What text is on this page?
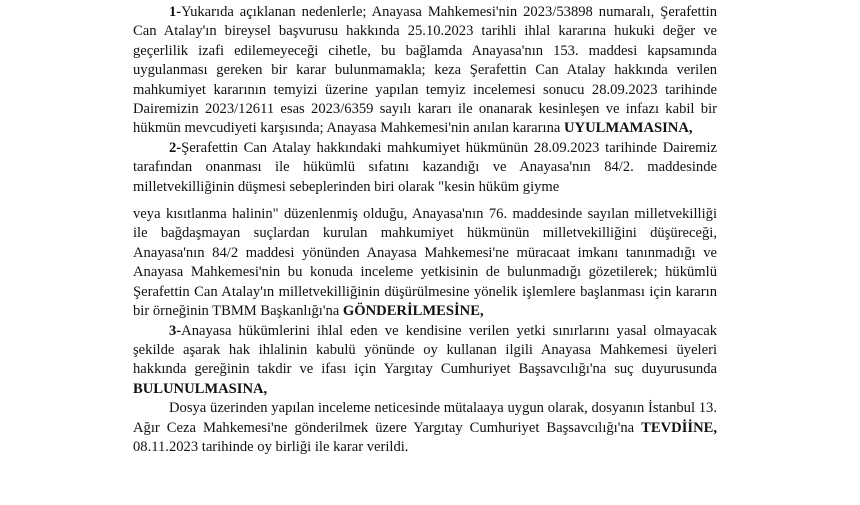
1-Yukarıda açıklanan nedenlerle; Anayasa Mahkemesi'nin 2023/53898 numaralı, Şerafettin Can Atalay'ın bireysel başvurusu hakkında 25.10.2023 tarihli ihlal kararına hukuki değer ve geçerlilik izafi edilemeyeceği cihetle, bu bağlamda Anayasa'nın 153. maddesi kapsamında uygulanması gereken bir karar bulunmamakla; keza Şerafettin Can Atalay hakkında verilen mahkumiyet kararının temyizi üzerine yapılan temyiz incelemesi sonucu 28.09.2023 tarihinde Dairemizin 2023/12611 esas 2023/6359 sayılı kararı ile onanarak kesinleşen ve infazı kabil bir hükmün mevcudiyeti karşısında; Anayasa Mahkemesi'nin anılan kararına UYULMAMASINA,

2-Şerafettin Can Atalay hakkındaki mahkumiyet hükmünün 28.09.2023 tarihinde Dairemiz tarafından onanması ile hükümlü sıfatını kazandığı ve Anayasa'nın 84/2. maddesinde milletvekilliğinin düşmesi sebeplerinden biri olarak "kesin hüküm giyme

veya kısıtlanma halinin" düzenlenmiş olduğu, Anayasa'nın 76. maddesinde sayılan milletvekilliği ile bağdaşmayan suçlardan kurulan mahkumiyet hükmünün milletvekilliğini düşüreceği, Anayasa'nın 84/2 maddesi yönünden Anayasa Mahkemesi'ne müracaat imkanı tanınmadığı ve Anayasa Mahkemesi'nin bu konuda inceleme yetkisinin de bulunmadığı gözetilerek; hükümlü Şerafettin Can Atalay'ın milletvekilliğinin düşürülmesine yönelik işlemlere başlanması için kararın bir örneğinin TBMM Başkanlığı'na GÖNDERİLMESİNE,

3-Anayasa hükümlerini ihlal eden ve kendisine verilen yetki sınırlarını yasal olmayacak şekilde aşarak hak ihlalinin kabulü yönünde oy kullanan ilgili Anayasa Mahkemesi üyeleri hakkında gereğinin takdir ve ifası için Yargıtay Cumhuriyet Başsavcılığı'na suç duyurusunda BULUNULMASINA,

Dosya üzerinden yapılan inceleme neticesinde mütalaaya uygun olarak, dosyanın İstanbul 13. Ağır Ceza Mahkemesi'ne gönderilmek üzere Yargıtay Cumhuriyet Başsavcılığı'na TEVDİİNE,  08.11.2023 tarihinde oy birliği ile karar verildi.
